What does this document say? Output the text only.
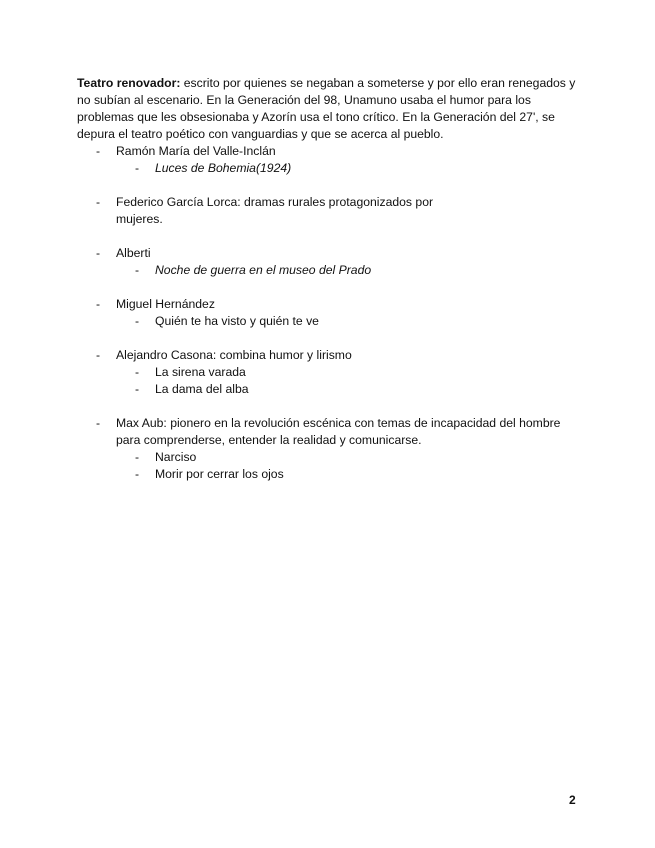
Teatro renovador: escrito por quienes se negaban a someterse y por ello eran renegados y no subían al escenario. En la Generación del 98, Unamuno usaba el humor para los problemas que les obsesionaba y Azorín usa el tono crítico. En la Generación del 27', se depura el teatro poético con vanguardias y que se acerca al pueblo.

- Ramón María del Valle-Inclán
- Luces de Bohemia(1924)
- Federico García Lorca: dramas rurales protagonizados por mujeres.
- Alberti
- Noche de guerra en el museo del Prado
- Miguel Hernández
- Quién te ha visto y quién te ve
- Alejandro Casona: combina humor y lirismo
- La sirena varada
- La dama del alba
- Max Aub: pionero en la revolución escénica con temas de incapacidad del hombre para comprenderse, entender la realidad y comunicarse.
- Narciso
- Morir por cerrar los ojos
2
